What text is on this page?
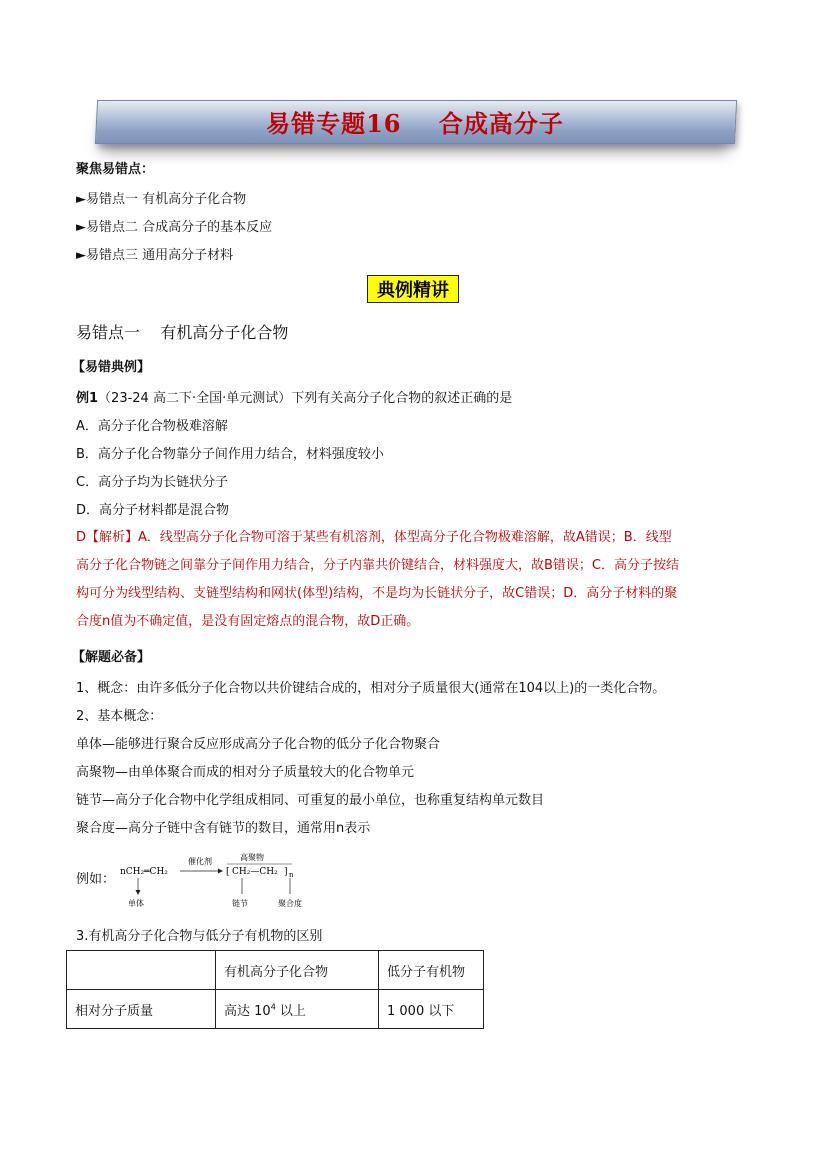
易错专题16    合成高分子
聚焦易错点：
►易错点一 有机高分子化合物
►易错点二 合成高分子的基本反应
►易错点三 通用高分子材料
典例精讲
易错点一    有机高分子化合物
【易错典例】
例1（23-24 高二下·全国·单元测试）下列有关高分子化合物的叙述正确的是
A．高分子化合物极难溶解
B．高分子化合物靠分子间作用力结合，材料强度较小
C．高分子均为长链状分子
D．高分子材料都是混合物
D【解析】A．线型高分子化合物可溶于某些有机溶剂，体型高分子化合物极难溶解，故A错误；B．线型
高分子化合物链之间靠分子间作用力结合，分子内靠共价键结合，材料强度大，故B错误；C．高分子按结
构可分为线型结构、支链型结构和网状(体型)结构，不是均为长链状分子，故C错误；D．高分子材料的聚
合度n值为不确定值，是没有固定熔点的混合物，故D正确。
【解题必备】
1、概念：由许多低分子化合物以共价键结合成的，相对分子质量很大(通常在104以上)的一类化合物。
2、基本概念：
单体—能够进行聚合反应形成高分子化合物的低分子化合物聚合
高聚物—由单体聚合而成的相对分子质量较大的化合物单元
链节—高分子化合物中化学组成相同、可重复的最小单位，也称重复结构单元数目
聚合度—高分子链中含有链节的数目，通常用n表示
例如： nCH₂═CH₂
催化剂	高聚物
[ CH₂—CH₂ ] n
单体	链节	聚合度
3.有机高分子化合物与低分子有机物的区别
	有机高分子化合物	低分子有机物
相对分子质量	高达 $10^4$ 以上	1 000 以下
